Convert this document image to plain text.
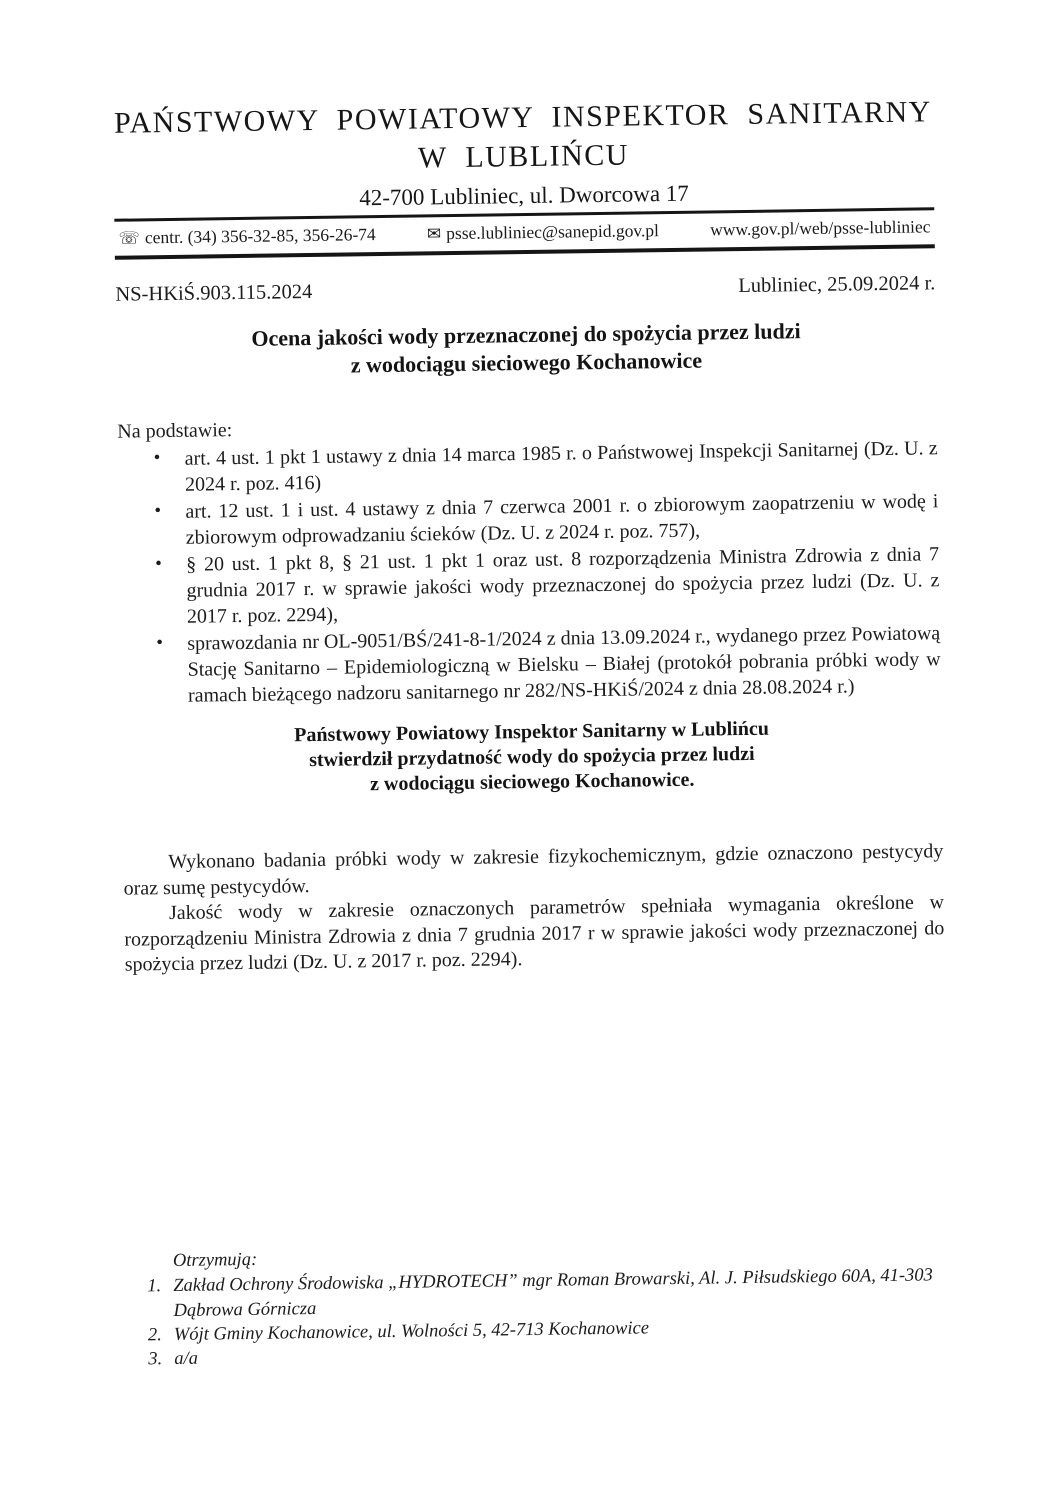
PAŃSTWOWY POWIATOWY INSPEKTOR SANITARNY
W LUBLIŃCU
42-700 Lubliniec, ul. Dworcowa 17
☏ centr. (34) 356-32-85, 356-26-74	✉ psse.lubliniec@sanepid.gov.pl	www.gov.pl/web/psse-lubliniec
NS-HKiŚ.903.115.2024	Lubliniec, 25.09.2024 r.
Ocena jakości wody przeznaczonej do spożycia przez ludzi
z wodociągu sieciowego Kochanowice
Na podstawie:
• art. 4 ust. 1 pkt 1 ustawy z dnia 14 marca 1985 r. o Państwowej Inspekcji Sanitarnej (Dz. U. z 2024 r. poz. 416)
• art. 12 ust. 1 i ust. 4 ustawy z dnia 7 czerwca 2001 r. o zbiorowym zaopatrzeniu w wodę i zbiorowym odprowadzaniu ścieków (Dz. U. z 2024 r. poz. 757),
• § 20 ust. 1 pkt 8, § 21 ust. 1 pkt 1 oraz ust. 8 rozporządzenia Ministra Zdrowia z dnia 7 grudnia 2017 r. w sprawie jakości wody przeznaczonej do spożycia przez ludzi (Dz. U. z 2017 r. poz. 2294),
• sprawozdania nr OL-9051/BŚ/241-8-1/2024 z dnia 13.09.2024 r., wydanego przez Powiatową Stację Sanitarno – Epidemiologiczną w Bielsku – Białej (protokół pobrania próbki wody w ramach bieżącego nadzoru sanitarnego nr 282/NS-HKiŚ/2024 z dnia 28.08.2024 r.)
Państwowy Powiatowy Inspektor Sanitarny w Lublińcu
stwierdził przydatność wody do spożycia przez ludzi
z wodociągu sieciowego Kochanowice.

Wykonano badania próbki wody w zakresie fizykochemicznym, gdzie oznaczono pestycydy oraz sumę pestycydów.

Jakość wody w zakresie oznaczonych parametrów spełniała wymagania określone w rozporządzeniu Ministra Zdrowia z dnia 7 grudnia 2017 r w sprawie jakości wody przeznaczonej do spożycia przez ludzi (Dz. U. z 2017 r. poz. 2294).

Otrzymują:
1. Zakład Ochrony Środowiska „HYDROTECH” mgr Roman Browarski, Al. J. Piłsudskiego 60A, 41-303 Dąbrowa Górnicza
2. Wójt Gminy Kochanowice, ul. Wolności 5, 42-713 Kochanowice
3. a/a
